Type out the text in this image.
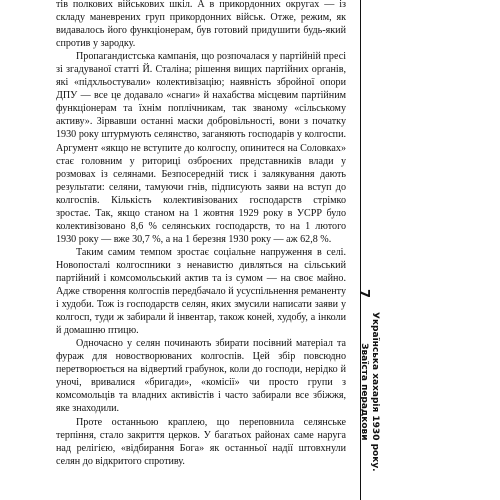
тів полкових військових шкіл. А в прикордонних округах — із складу маневрених груп прикордонних військ. Отже, режим, як видавалось його функціонерам, був готовий придушити будь-який спротив у зародку.

Пропагандистська кампанія, що розпочалася у партійній пресі зі згадуваної статті Й. Сталіна; рішення вищих партійних органів, які «підхльостували» колективізацію; наявність збройної опори ДПУ — все це додавало «снаги» й нахабства місцевим партійним функціонерам та їхнім поплічникам, так званому «сільському активу». Зірвавши останні маски добровільності, вони з початку 1930 року штурмують селянство, заганяють господарів у колгоспи. Аргумент «якщо не вступите до колгоспу, опинитеся на Соловках» стає головним у риториці озброєних представників влади у розмовах із селянами. Безпосередній тиск і залякування дають результати: селяни, тамуючи гнів, підписують заяви на вступ до колгоспів. Кількість колективізованих господарств стрімко зростає. Так, якщо станом на 1 жовтня 1929 року в УСРР було колективізовано 8,6 % селянських господарств, то на 1 лютого 1930 року — вже 30,7 %, а на 1 березня 1930 року — аж 62,8 %.

Таким самим темпом зростає соціальне напруження в селі. Новопосталі колгоспники з ненавистю дивляться на сільський партійний і комсомольський актив та із сумом — на своє майно. Адже створення колгоспів передбачало й усуспільнення реманенту і худоби. Тож із господарств селян, яких змусили написати заяви у колгосп, туди ж забирали й інвентар, також коней, худобу, а інколи й домашню птицю.

Одночасно у селян починають збирати посівний матеріал та фураж для новостворюваних колгоспів. Цей збір повсюдно перетворюється на відвертий грабунок, коли до господи, нерідко й уночі, вривалися «бригади», «комісії» чи просто групи з комсомольців та владних активістів і часто забирали все збіжжя, яке знаходили.

Проте останньою краплею, що переповнила селянське терпіння, стало закриття церков. У багатьох районах саме наруга над релігією, «відбирання Бога» як останньої надії штовхнули селян до відкритого спротиву.

7
Українська хахарія 1930 року.
Зваїста перадкови
